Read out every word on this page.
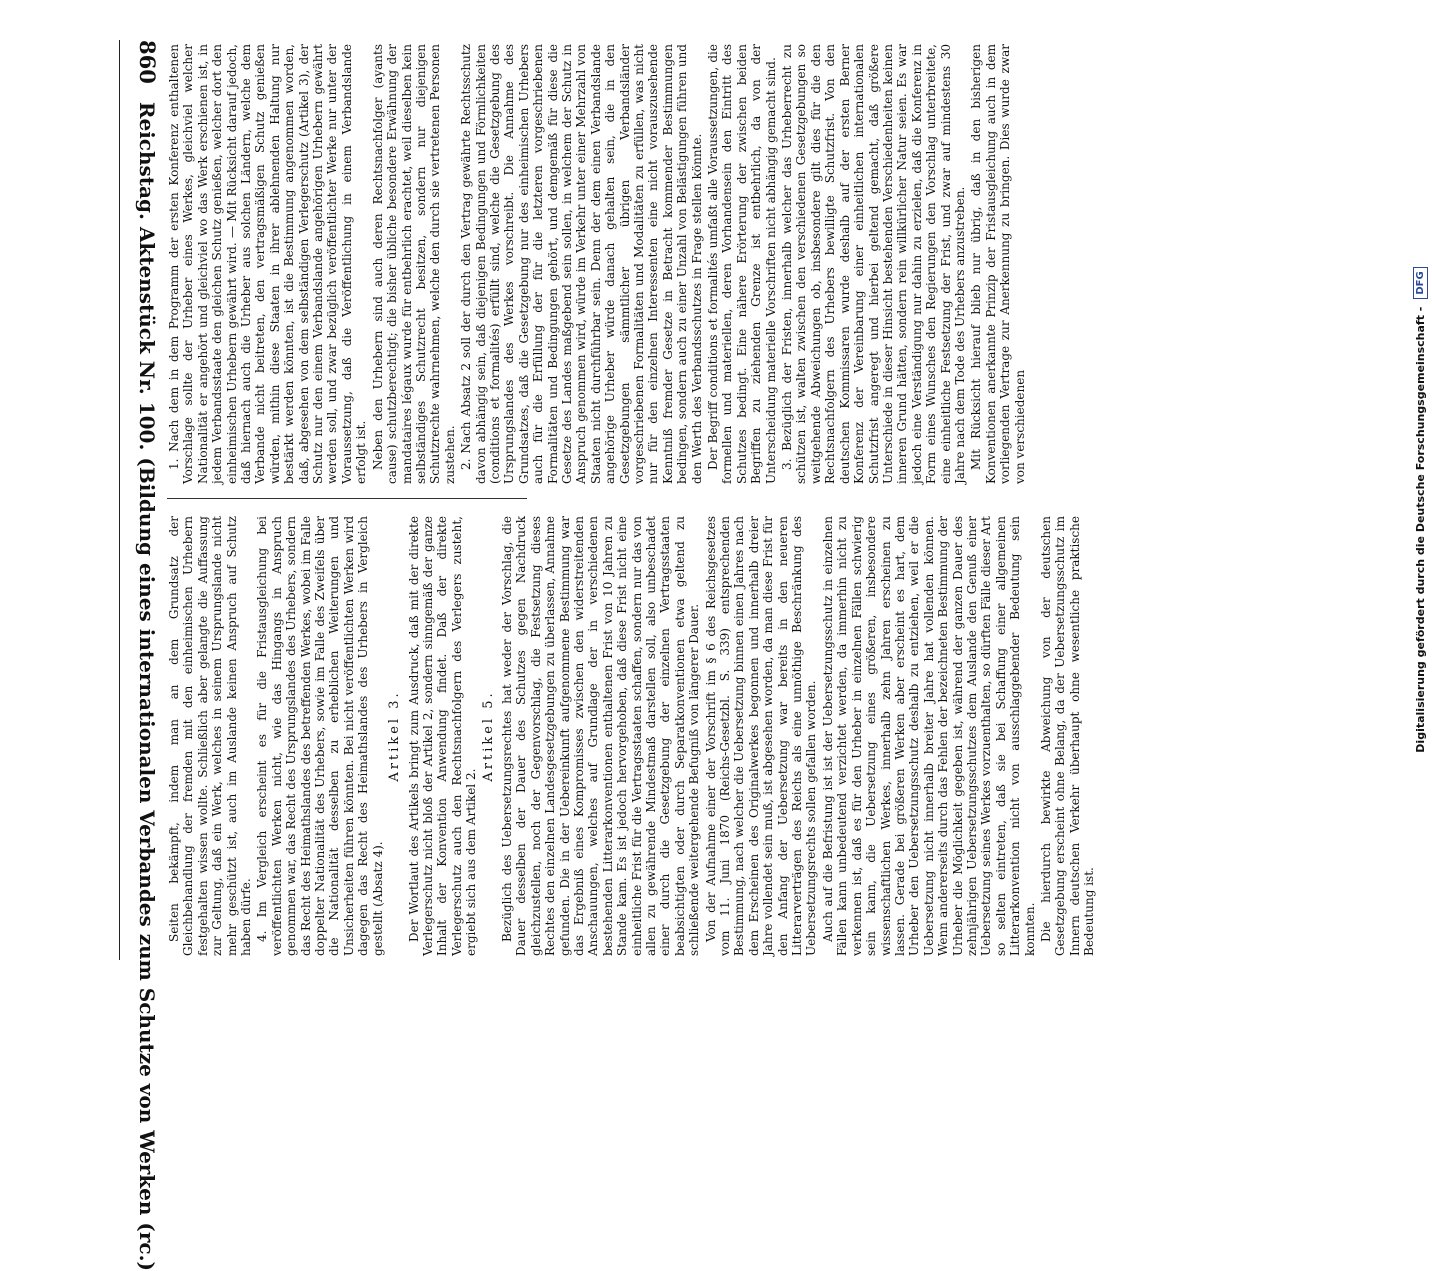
860
Reichstag. Aktenstück Nr. 100. (Bildung eines internationalen Verbandes zum Schutze von Werken (rc.) 1. Nach dem in dem Programm der ersten Konferenz enthaltenen Vorschlage sollte der Urheber eines Werkes, gleichviel welcher Nationalität er angehört und gleichviel wo das Werk erschienen ist, in jedem Verbandsstaate den gleichen Schutz genießen, welcher dort den einheimischen Urhebern gewährt wird. — Mit Rücksicht darauf jedoch, daß hiernach auch die Urheber aus solchen Ländern, welche dem Verbande nicht beitreten, den vertragsmäßigen Schutz genießen würden, mithin diese Staaten in ihrer ablehnenden Haltung nur bestärkt werden könnten, ist die Bestimmung angenommen worden, daß, abgesehen von dem selbständigen Verlegerschutz (Artikel 3), der Schutz nur den einem Verbandslande angehörigen Urhebern gewährt werden soll, und zwar bezüglich veröffentlichter Werke nur unter der Voraussetzung, daß die Veröffentlichung in einem Verbandslande erfolgt ist. Neben den Urhebern sind auch deren Rechtsnachfolger (ayants cause) schutzberechtigt; die bisher übliche besondere Erwähnung der mandataires légaux wurde für entbehrlich erachtet, weil dieselben kein selbständiges Schutzrecht besitzen, sondern nur diejenigen Schutzrechte wahrnehmen, welche den durch sie vertretenen Personen zustehen. 2. Nach Absatz 2 soll der durch den Vertrag gewährte Rechtsschutz davon abhängig sein, daß diejenigen Bedingungen und Förmlichkeiten (conditions et formalités) erfüllt sind, welche die Gesetzgebung des Ursprungslandes des Werkes vorschreibt. Die Annahme des Grundsatzes, daß die Gesetzgebung nur des einheimischen Urhebers auch für die Erfüllung der für die letzteren vorgeschriebenen Formalitäten und Bedingungen gehört, und demgemäß für diese die Gesetze des Landes maßgebend sein sollen, in welchem der Schutz in Anspruch genommen wird, würde im Verkehr unter einer Mehrzahl von Staaten nicht durchführbar sein. Denn der dem einen Verbandslande angehörige Urheber würde danach gehalten sein, die in den Gesetzgebungen sämmtlicher übrigen Verbandsländer vorgeschriebenen Formalitäten und Modalitäten zu erfüllen, was nicht nur für den einzelnen Interessenten eine nicht vorauszusehende Kenntniß fremder Gesetze in Betracht kommender Bestimmungen bedingen, sondern auch zu einer Unzahl von Belästigungen führen und den Werth des Verbandsschutzes in Frage stellen könnte. Der Begriff conditions et formalités umfaßt alle Voraussetzungen, die formellen und materiellen, deren Vorhandensein den Eintritt des Schutzes bedingt. Eine nähere Erörterung der zwischen beiden Begriffen zu ziehenden Grenze ist entbehrlich, da von der Unterscheidung materielle Vorschriften nicht abhängig gemacht sind. 3. Bezüglich der Fristen, innerhalb welcher das Urheberrecht zu schützen ist, walten zwischen den verschiedenen Gesetzgebungen so weitgehende Abweichungen ob, insbesondere gilt dies für die den Rechtsnachfolgern des Urhebers bewilligte Schutzfrist. Von den deutschen Kommissaren wurde deshalb auf der ersten Berner Konferenz der Vereinbarung einer einheitlichen internationalen Schutzfrist angeregt und hierbei geltend gemacht, daß größere Unterschiede in dieser Hinsicht bestehenden Verschiedenheiten keinen inneren Grund hätten, sondern rein willkürlicher Natur seien. Es war jedoch eine Verständigung nur dahin zu erzielen, daß die Konferenz in Form eines Wunsches den Regierungen den Vorschlag unterbreitete, eine einheitliche Festsetzung der Frist, und zwar auf mindestens 30 Jahre nach dem Tode des Urhebers anzustreben. Mit Rücksicht hierauf blieb nur übrig, daß in den bisherigen Konventionen anerkannte Prinzip der Fristausgleichung auch in dem vorliegenden Vertrage zur Anerkennung zu bringen. Dies wurde zwar von verschiedenen

Seiten bekämpft, indem man an dem Grundsatz der Gleichbehandlung der fremden mit den einheimischen Urhebern festgehalten wissen wollte. Schließlich aber gelangte die Auffassung zur Geltung, daß ein Werk, welches in seinem Ursprungslande nicht mehr geschützt ist, auch im Auslande keinen Anspruch auf Schutz haben dürfe. 4. Im Vergleich erscheint es für die Fristausgleichung bei veröffentlichten Werken nicht, wie das Hingangs in Anspruch genommen war, das Recht des Ursprungslandes des Urhebers, sondern das Recht des Heimathslandes des betreffenden Werkes, wobei im Falle doppelter Nationalität des Urhebers, sowie im Falle des Zweifels über die Nationalität desselben zu erheblichen Weiterungen und Unsicherheiten führen könnten. Bei nicht veröffentlichten Werken wird dagegen das Recht des Heimathslandes des Urhebers in Vergleich gestellt (Absatz 4).

Artikel 3. Der Wortlaut des Artikels bringt zum Ausdruck, daß mit der direkte Verlegerschutz nicht bloß der Artikel 2, sondern sinngemäß der ganze Inhalt der Konvention Anwendung findet. Daß der direkte Verlegerschutz auch den Rechtsnachfolgern des Verlegers zusteht, ergiebt sich aus dem Artikel 2.

Artikel 5. Bezüglich des Uebersetzungsrechtes hat weder der Vorschlag, die Dauer desselben der Dauer des Schutzes gegen Nachdruck gleichzustellen, noch der Gegenvorschlag, die Festsetzung dieses Rechtes den einzelnen Landesgesetzgebungen zu überlassen, Annahme gefunden. Die in der Uebereinkunft aufgenommene Bestimmung war das Ergebniß eines Kompromisses zwischen den widerstreitenden Anschauungen, welches auf Grundlage der in verschiedenen bestehenden Litterarkonventionen enthaltenen Frist von 10 Jahren zu Stande kam. Es ist jedoch hervorgehoben, daß diese Frist nicht eine einheitliche Frist für die Vertragsstaaten schaffen, sondern nur das von allen zu gewährende Mindestmaß darstellen soll, also unbeschadet einer durch die Gesetzgebung der einzelnen Vertragsstaaten beabsichtigten oder durch Separatkonventionen etwa geltend zu schließende weitergehende Befugniß von längerer Dauer. Von der Aufnahme einer der Vorschrift im § 6 des Reichsgesetzes vom 11. Juni 1870 (Reichs-Gesetzbl. S. 339) entsprechenden Bestimmung, nach welcher die Uebersetzung binnen einen Jahres nach dem Erscheinen des Originalwerkes begonnen und innerhalb dreier Jahre vollendet sein muß, ist abgesehen worden, da man diese Frist für den Anfang der Uebersetzung war bereits in den neueren Litterarverträgen des Reichs als eine unnöthige Beschränkung des Uebersetzungsrechts sollen gefallen worden. Auch auf die Befristung ist ist der Uebersetzungsschutz in einzelnen Fällen kann unbedeutend verzichtet werden, da immerhin nicht zu verkennen ist, daß es für den Urheber in einzelnen Fällen schwierig sein kann, die Uebersetzung eines größeren, insbesondere wissenschaftlichen Werkes, innerhalb zehn Jahren erscheinen zu lassen. Gerade bei größeren Werken aber erscheint es hart, dem Urheber den Uebersetzungsschutz deshalb zu entziehen, weil er die Uebersetzung nicht innerhalb breiter Jahre hat vollenden können. Wenn andererseits durch das Fehlen der bezeichneten Bestimmung der Urheber die Möglichkeit gegeben ist, während der ganzen Dauer des zehnjährigen Uebersetzungsschutzes dem Auslande den Genuß einer Uebersetzung seines Werkes vorzuenthalten, so dürften Fälle dieser Art so selten eintreten, daß sie bei Schaffung einer allgemeinen Litterarkonvention nicht von ausschlaggebender Bedeutung sein konnten. Die hierdurch bewirkte Abweichung von der deutschen Gesetzgebung erscheint ohne Belang, da der Uebersetzungsschutz im Innern deutschen Verkehr überhaupt ohne wesentliche praktische Bedeutung ist.

Digitalisierung gefördert durch die Deutsche Forschungsgemeinschaft -
DFG
